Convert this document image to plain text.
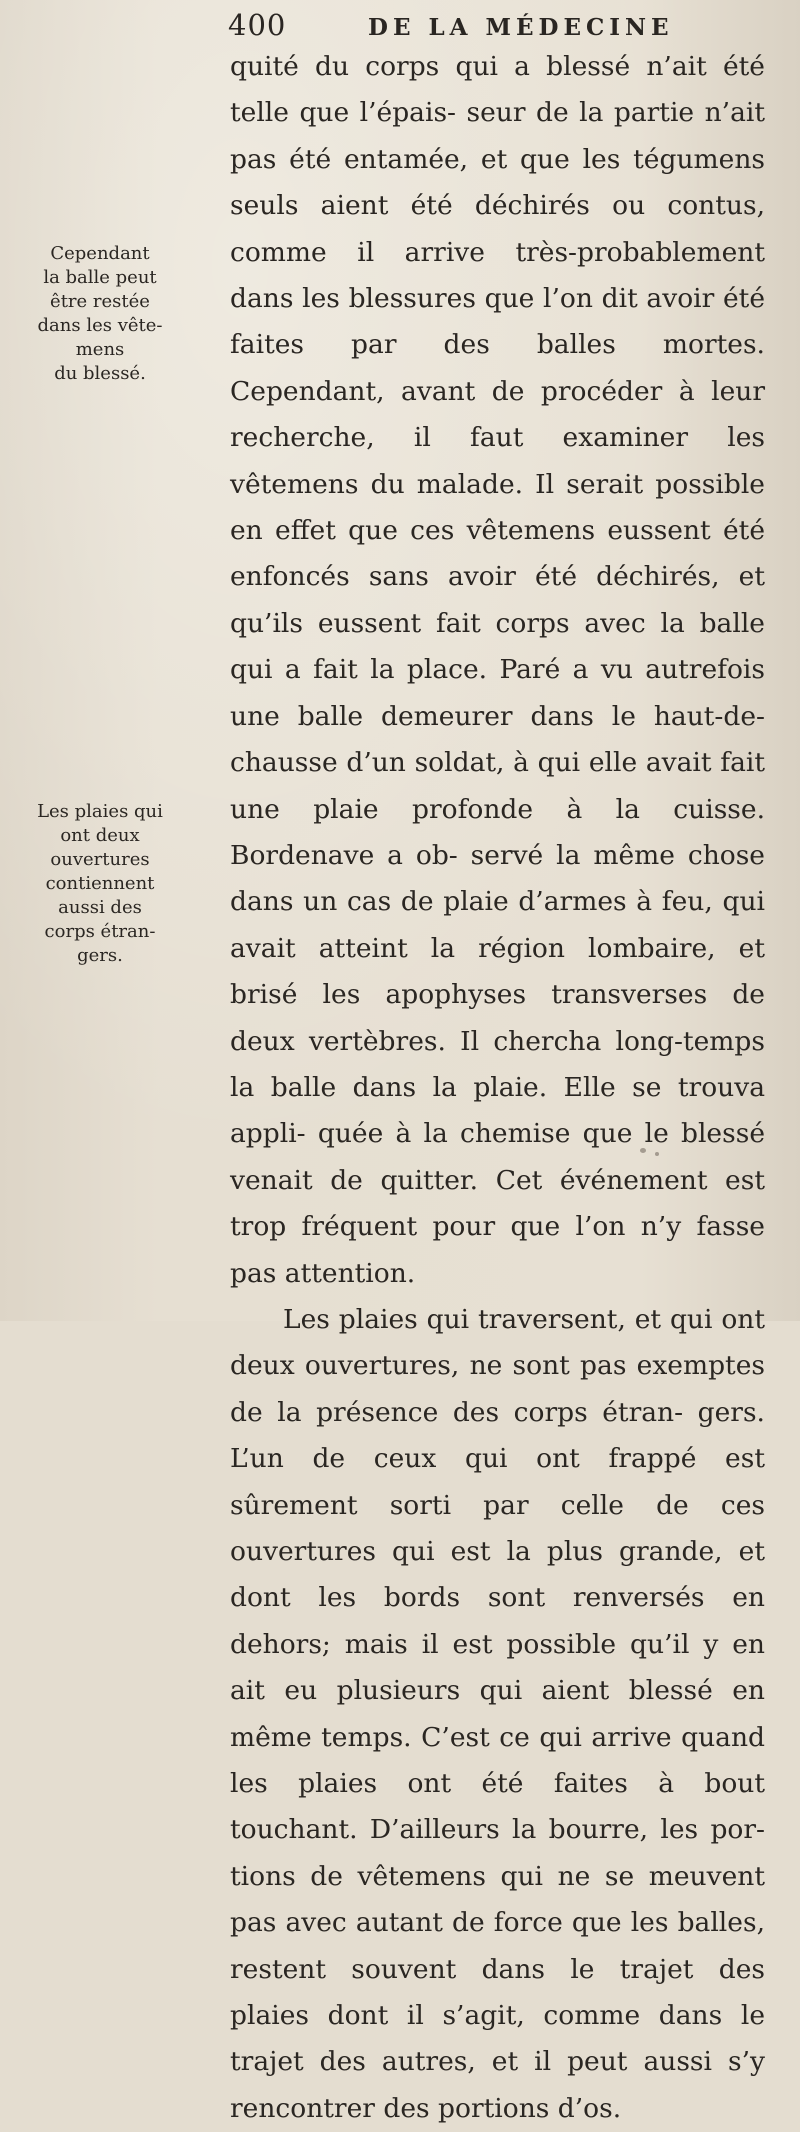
400	DE LA MÉDECINE
Cependant
la balle peut
être restée
dans les vête-
mens
du blessé.
Les plaies qui
ont deux
ouvertures
contiennent
aussi des
corps étran-
gers.

quité du corps qui a blessé n’ait été telle que l’épais- seur de la partie n’ait pas été entamée, et que les tégumens seuls aient été déchirés ou contus, comme il arrive très-probablement dans les blessures que l’on dit avoir été faites par des balles mortes. Cependant, avant de procéder à leur recherche, il faut examiner les vêtemens du malade. Il serait possible en effet que ces vêtemens eussent été enfoncés sans avoir été déchirés, et qu’ils eussent fait corps avec la balle qui a fait la place. Paré a vu autrefois une balle demeurer dans le haut-de-chausse d’un soldat, à qui elle avait fait une plaie profonde à la cuisse. Bordenave a ob- servé la même chose dans un cas de plaie d’armes à feu, qui avait atteint la région lombaire, et brisé les apophyses transverses de deux vertèbres. Il chercha long-temps la balle dans la plaie. Elle se trouva appli- quée à la chemise que le blessé venait de quitter. Cet événement est trop fréquent pour que l’on n’y fasse pas attention.

Les plaies qui traversent, et qui ont deux ouvertures, ne sont pas exemptes de la présence des corps étran- gers. L’un de ceux qui ont frappé est sûrement sorti par celle de ces ouvertures qui est la plus grande, et dont les bords sont renversés en dehors; mais il est possible qu’il y en ait eu plusieurs qui aient blessé en même temps. C’est ce qui arrive quand les plaies ont été faites à bout touchant. D’ailleurs la bourre, les por- tions de vêtemens qui ne se meuvent pas avec autant de force que les balles, restent souvent dans le trajet des plaies dont il s’agit, comme dans le trajet des autres, et il peut aussi s’y rencontrer des portions d’os.
